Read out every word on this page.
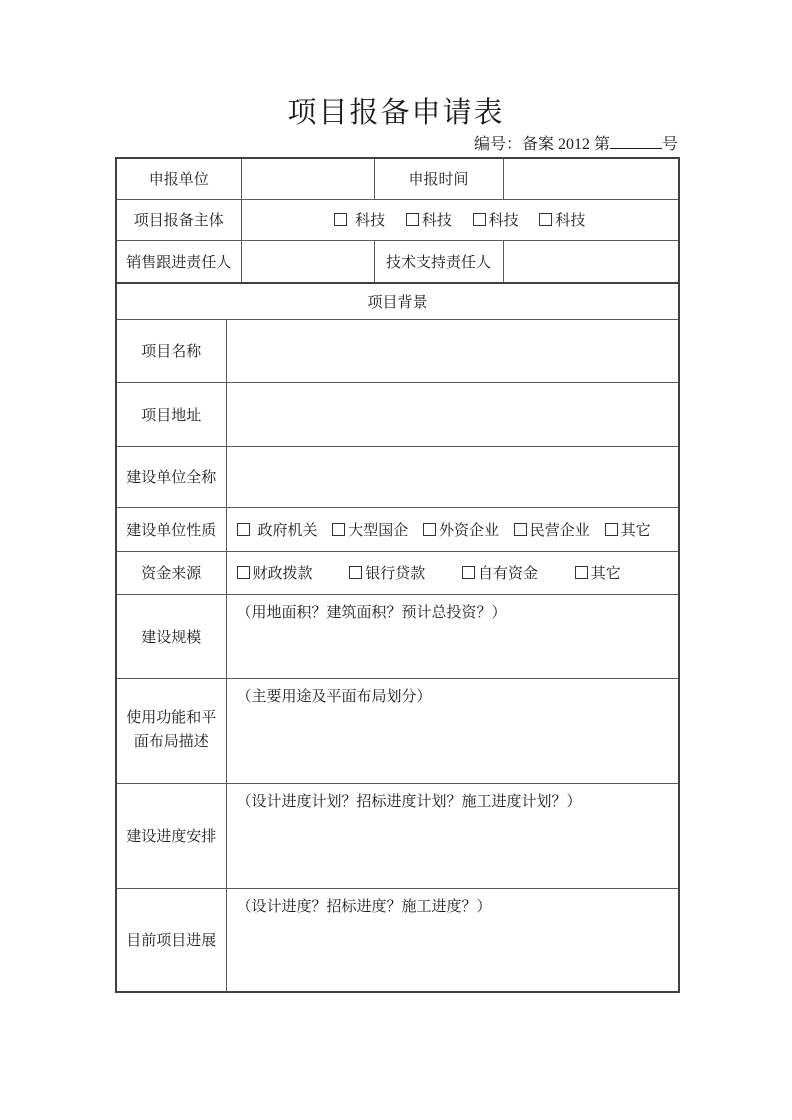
项目报备申请表
编号：备案 2012 第	号
申报单位			申报时间	
项目报备主体		科技 科技 科技 科技		
销售跟进责任人			技术支持责任人	
项目背景				
项目名称				
项目地址				
建设单位全称				
建设单位性质	政府机关 大型国企 外资企业 民营企业 其它			
资金来源	财政拨款 银行贷款 自有资金 其它			
建设规模	（用地面积？建筑面积？预计总投资？）			

使用功能和平面布局描述	（主要用途及平面布局划分）			
建设进度安排	（设计进度计划？招标进度计划？施工进度计划？）			
目前项目进展	（设计进度？招标进度？施工进度？）			
